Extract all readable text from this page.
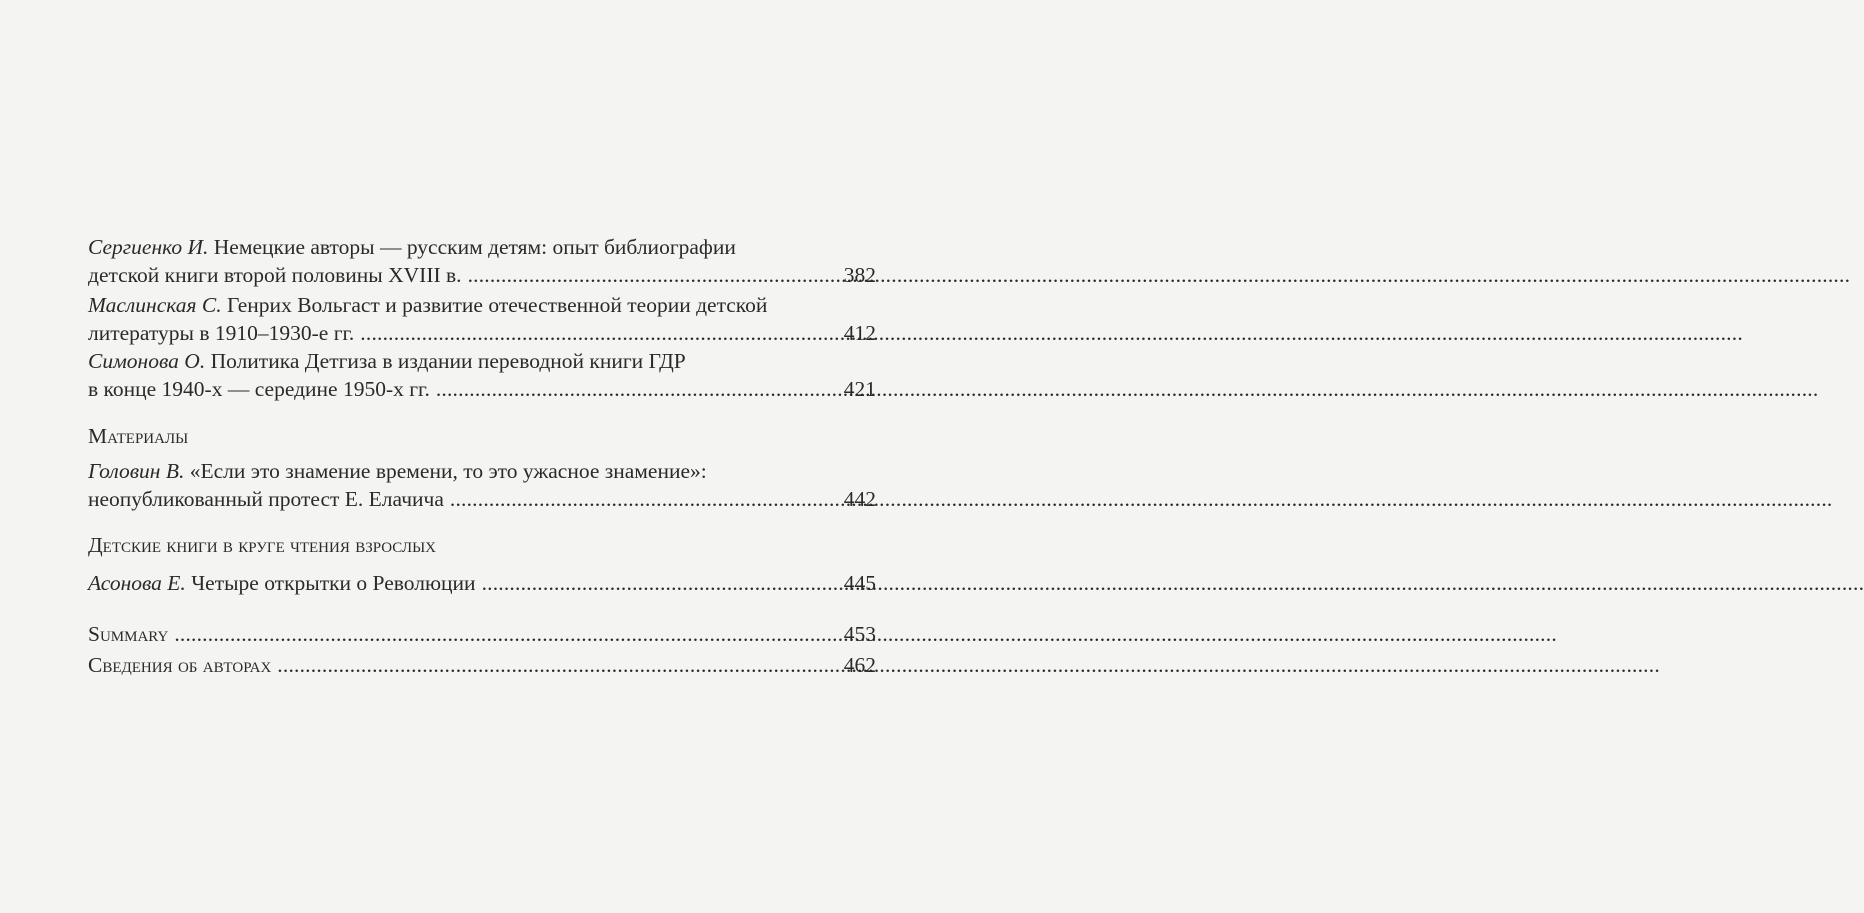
Сергиенко И. Немецкие авторы — русским детям: опыт библиографии
детской книги второй половины XVIII в. .....	382
Маслинская С. Генрих Вольгаст и развитие отечественной теории детской
литературы в 1910–1930-е гг. .....	412
Симонова О. Политика Детгиза в издании переводной книги ГДР
в конце 1940-х — середине 1950-х гг. .....	421
Материалы
Головин В. «Если это знамение времени, то это ужасное знамение»:
неопубликованный протест Е. Елачича .....	442
Детские книги в круге чтения взрослых
Асонова Е. Четыре открытки о Революции .....	445
Summary .....	453
Сведения об авторах .....	462
